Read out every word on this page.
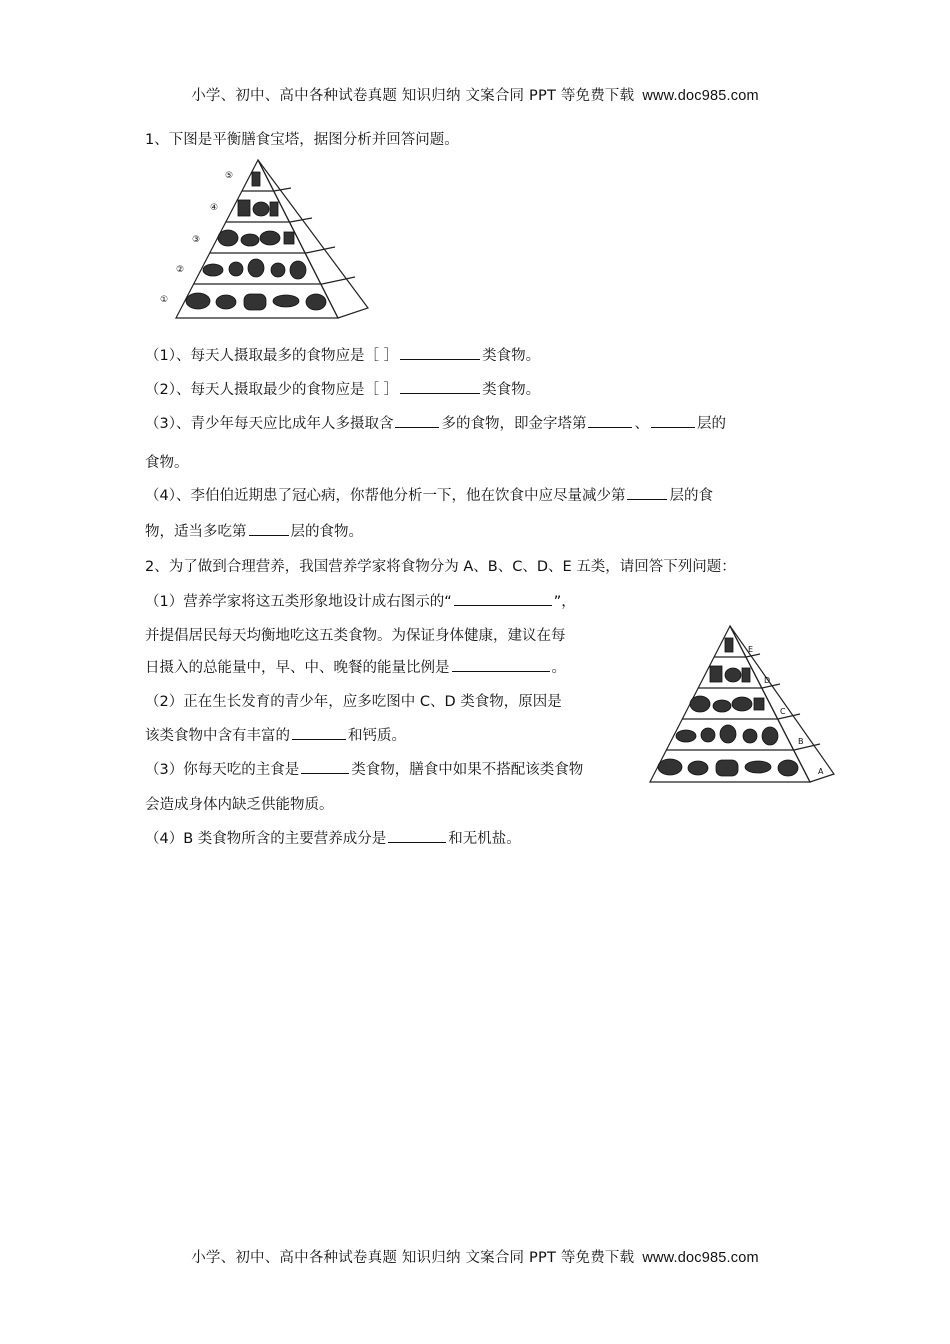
小学、初中、高中各种试卷真题 知识归纳 文案合同 PPT 等免费下载 www.doc985.com
1、下图是平衡膳食宝塔，据图分析并回答问题。
⑤
④
③
②
①
（1）、每天人摄取最多的食物应是［ ］	类食物。
（2）、每天人摄取最少的食物应是［ ］	类食物。
（3）、青少年每天应比成年人多摄取含	多的食物，即金字塔第	、	层的
食物。
（4）、李伯伯近期患了冠心病，你帮他分析一下，他在饮食中应尽量减少第	层的食
物，适当多吃第	层的食物。
2、为了做到合理营养，我国营养学家将食物分为 A、B、C、D、E 五类，请回答下列问题：
（1）营养学家将这五类形象地设计成右图示的“	”，
并提倡居民每天均衡地吃这五类食物。为保证身体健康，建议在每
日摄入的总能量中，早、中、晚餐的能量比例是	。
（2）正在生长发育的青少年，应多吃图中 C、D 类食物，原因是
该类食物中含有丰富的	和钙质。
（3）你每天吃的主食是	类食物，膳食中如果不搭配该类食物
会造成身体内缺乏供能物质。
（4）B 类食物所含的主要营养成分是	和无机盐。
E
D
C
B
A
小学、初中、高中各种试卷真题 知识归纳 文案合同 PPT 等免费下载 www.doc985.com
